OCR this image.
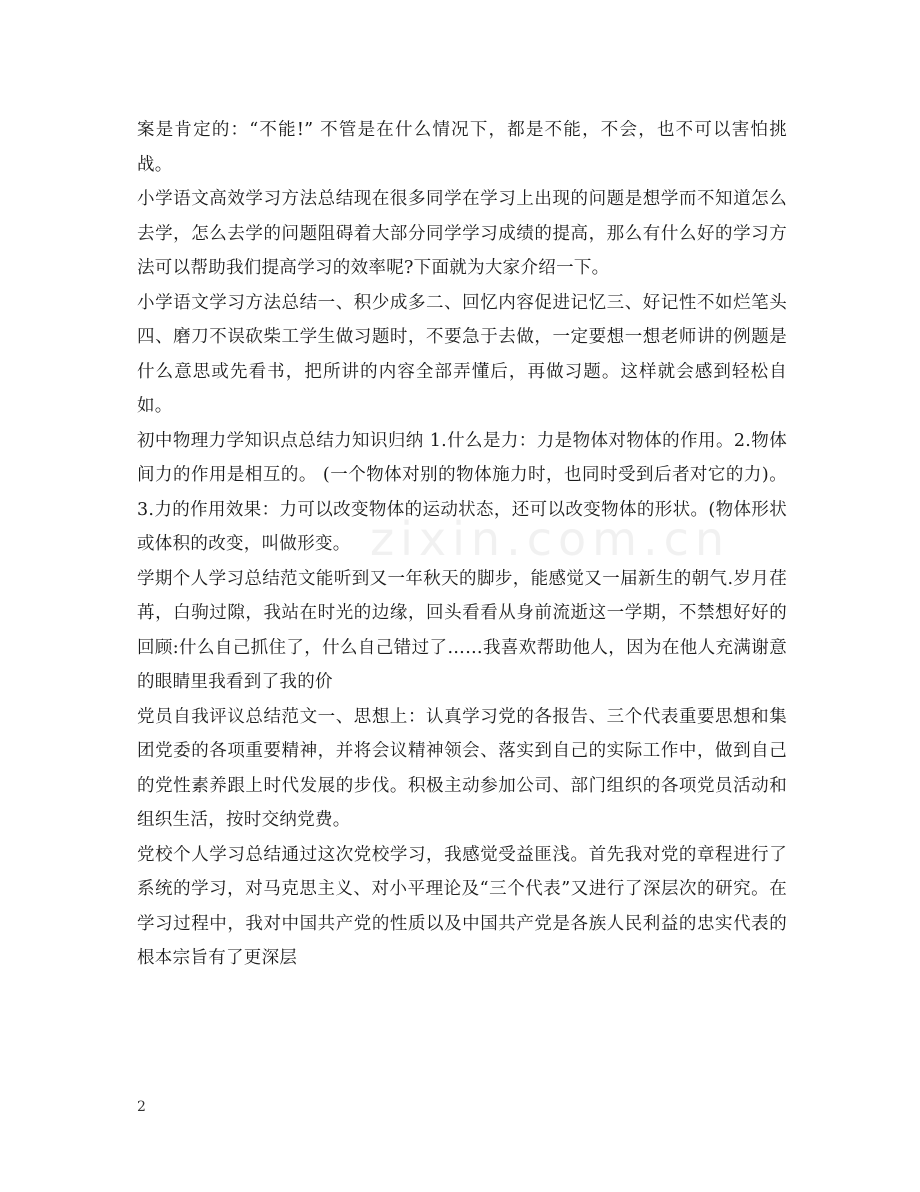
案是肯定的：“不能!” 不管是在什么情况下，都是不能，不会，也不可以害怕挑战。

小学语文高效学习方法总结现在很多同学在学习上出现的问题是想学而不知道怎么去学，怎么去学的问题阻碍着大部分同学学习成绩的提高，那么有什么好的学习方法可以帮助我们提高学习的效率呢?下面就为大家介绍一下。

小学语文学习方法总结一、积少成多二、回忆内容促进记忆三、好记性不如烂笔头四、磨刀不误砍柴工学生做习题时，不要急于去做，一定要想一想老师讲的例题是什么意思或先看书，把所讲的内容全部弄懂后，再做习题。这样就会感到轻松自如。

初中物理力学知识点总结力知识归纳 1.什么是力：力是物体对物体的作用。2.物体间力的作用是相互的。 (一个物体对别的物体施力时，也同时受到后者对它的力)。3.力的作用效果：力可以改变物体的运动状态，还可以改变物体的形状。(物体形状或体积的改变，叫做形变。

学期个人学习总结范文能听到又一年秋天的脚步，能感觉又一届新生的朝气.岁月荏苒，白驹过隙，我站在时光的边缘，回头看看从身前流逝这一学期，不禁想好好的回顾:什么自己抓住了，什么自己错过了……我喜欢帮助他人，因为在他人充满谢意的眼睛里我看到了我的价

党员自我评议总结范文一、思想上：认真学习党的各报告、三个代表重要思想和集团党委的各项重要精神，并将会议精神领会、落实到自己的实际工作中，做到自己的党性素养跟上时代发展的步伐。积极主动参加公司、部门组织的各项党员活动和组织生活，按时交纳党费。

党校个人学习总结通过这次党校学习，我感觉受益匪浅。首先我对党的章程进行了系统的学习，对马克思主义、对小平理论及“三个代表”又进行了深层次的研究。在学习过程中，我对中国共产党的性质以及中国共产党是各族人民利益的忠实代表的根本宗旨有了更深层

zixin.com.cn
2
